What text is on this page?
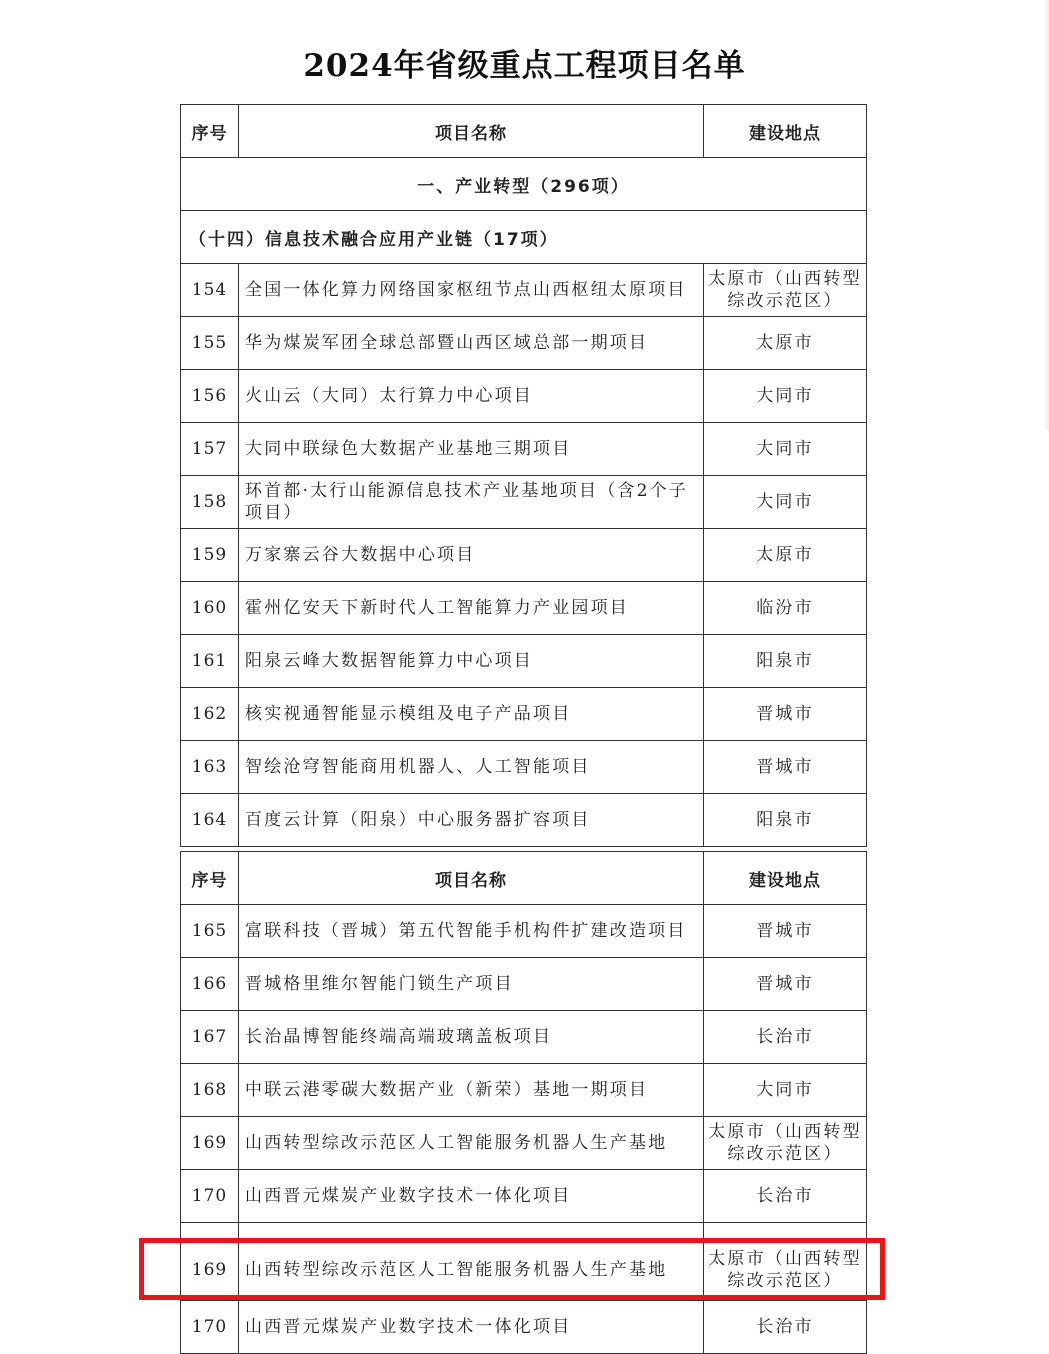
2024年省级重点工程项目名单
序号	项目名称	建设地点
一、产业转型（296项）		
（十四）信息技术融合应用产业链（17项）		
154	全国一体化算力网络国家枢纽节点山西枢纽太原项目	太原市（山西转型综改示范区）
155	华为煤炭军团全球总部暨山西区域总部一期项目	太原市
156	火山云（大同）太行算力中心项目	大同市
157	大同中联绿色大数据产业基地三期项目	大同市
158	环首都·太行山能源信息技术产业基地项目（含2个子项目）	大同市
159	万家寨云谷大数据中心项目	太原市
160	霍州亿安天下新时代人工智能算力产业园项目	临汾市
161	阳泉云峰大数据智能算力中心项目	阳泉市
162	核实视通智能显示模组及电子产品项目	晋城市
163	智绘沧穹智能商用机器人、人工智能项目	晋城市
164	百度云计算（阳泉）中心服务器扩容项目	阳泉市
序号	项目名称	建设地点
165	富联科技（晋城）第五代智能手机构件扩建改造项目	晋城市
166	晋城格里维尔智能门锁生产项目	晋城市
167	长治晶博智能终端高端玻璃盖板项目	长治市
168	中联云港零碳大数据产业（新荣）基地一期项目	大同市
169	山西转型综改示范区人工智能服务机器人生产基地	太原市（山西转型综改示范区）
170	山西晋元煤炭产业数字技术一体化项目	长治市

169	山西转型综改示范区人工智能服务机器人生产基地	太原市（山西转型综改示范区）
170	山西晋元煤炭产业数字技术一体化项目	长治市
